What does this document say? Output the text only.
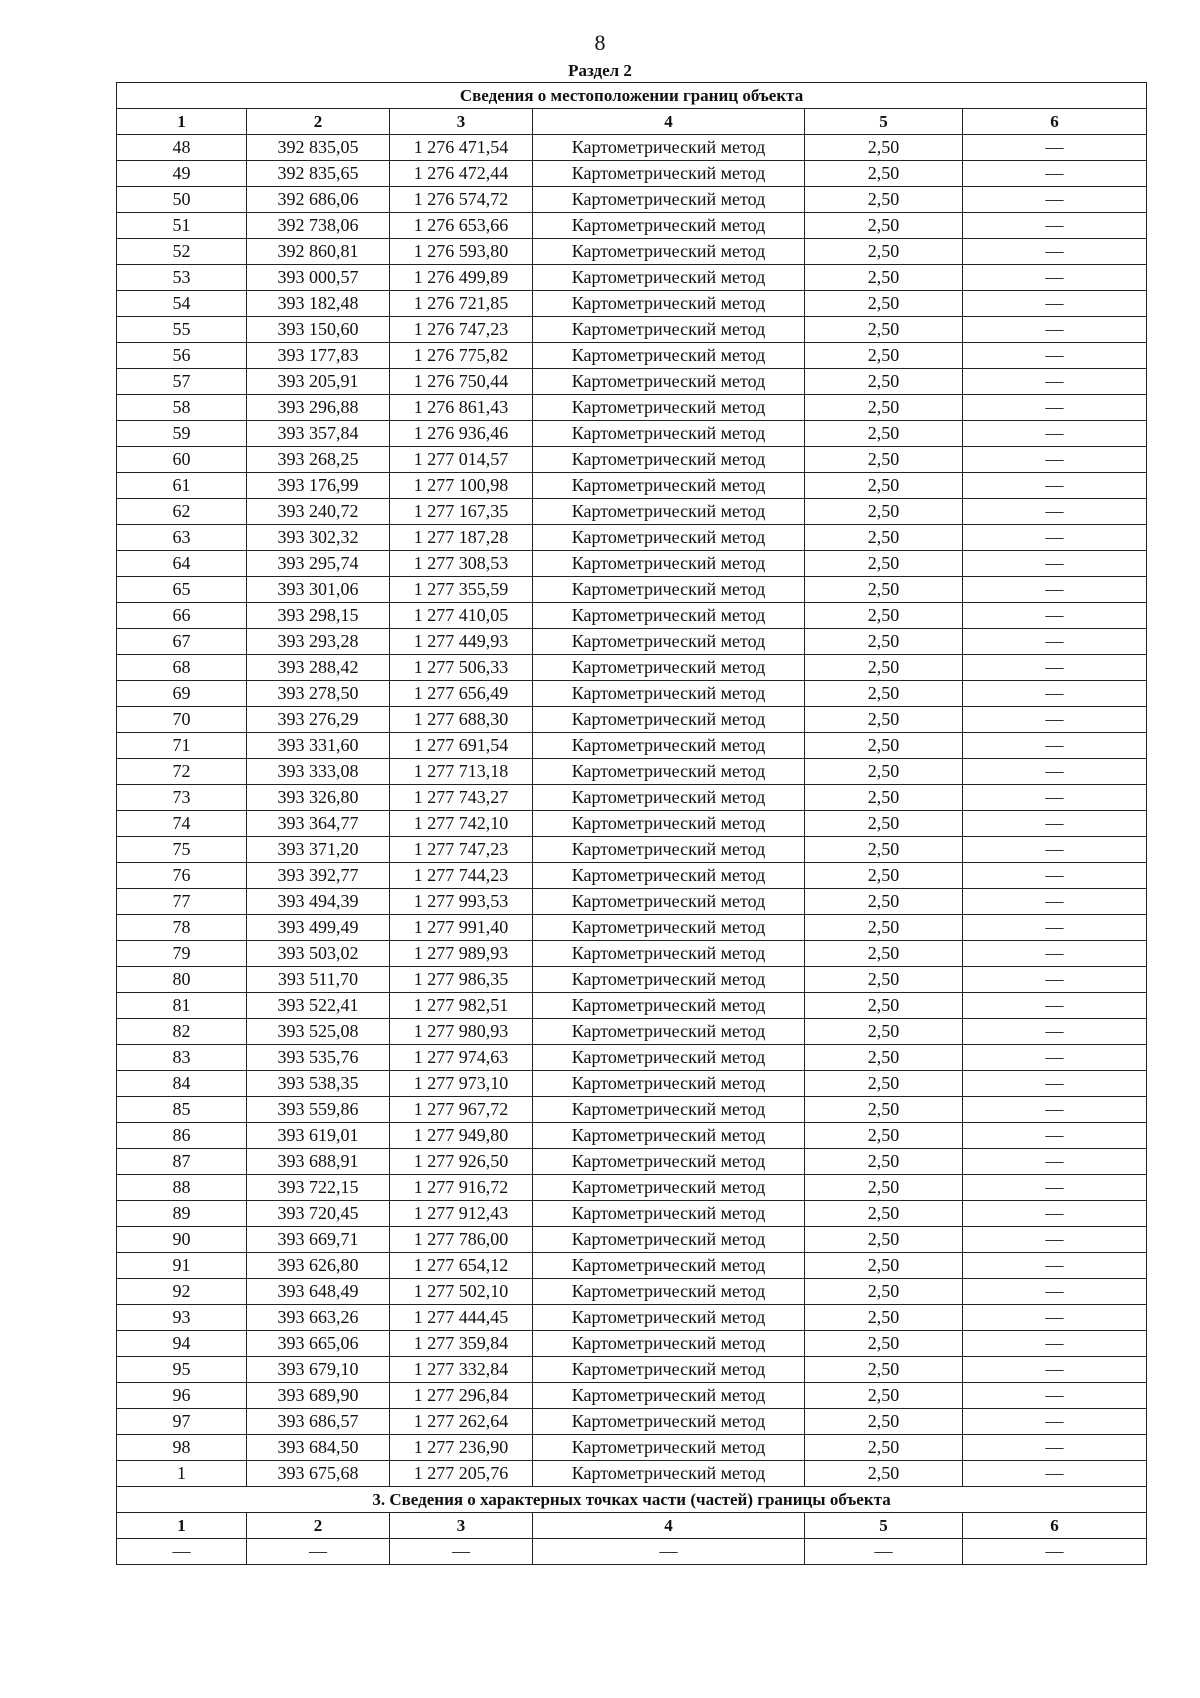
8
Раздел 2
Сведения о местоположении границ объекта					
1	2	3	4	5	6
48	392 835,05	1 276 471,54	Картометрический метод	2,50	—
49	392 835,65	1 276 472,44	Картометрический метод	2,50	—
50	392 686,06	1 276 574,72	Картометрический метод	2,50	—
51	392 738,06	1 276 653,66	Картометрический метод	2,50	—
52	392 860,81	1 276 593,80	Картометрический метод	2,50	—
53	393 000,57	1 276 499,89	Картометрический метод	2,50	—
54	393 182,48	1 276 721,85	Картометрический метод	2,50	—
55	393 150,60	1 276 747,23	Картометрический метод	2,50	—
56	393 177,83	1 276 775,82	Картометрический метод	2,50	—
57	393 205,91	1 276 750,44	Картометрический метод	2,50	—
58	393 296,88	1 276 861,43	Картометрический метод	2,50	—
59	393 357,84	1 276 936,46	Картометрический метод	2,50	—
60	393 268,25	1 277 014,57	Картометрический метод	2,50	—
61	393 176,99	1 277 100,98	Картометрический метод	2,50	—
62	393 240,72	1 277 167,35	Картометрический метод	2,50	—
63	393 302,32	1 277 187,28	Картометрический метод	2,50	—
64	393 295,74	1 277 308,53	Картометрический метод	2,50	—
65	393 301,06	1 277 355,59	Картометрический метод	2,50	—
66	393 298,15	1 277 410,05	Картометрический метод	2,50	—
67	393 293,28	1 277 449,93	Картометрический метод	2,50	—
68	393 288,42	1 277 506,33	Картометрический метод	2,50	—
69	393 278,50	1 277 656,49	Картометрический метод	2,50	—
70	393 276,29	1 277 688,30	Картометрический метод	2,50	—
71	393 331,60	1 277 691,54	Картометрический метод	2,50	—
72	393 333,08	1 277 713,18	Картометрический метод	2,50	—
73	393 326,80	1 277 743,27	Картометрический метод	2,50	—
74	393 364,77	1 277 742,10	Картометрический метод	2,50	—
75	393 371,20	1 277 747,23	Картометрический метод	2,50	—
76	393 392,77	1 277 744,23	Картометрический метод	2,50	—
77	393 494,39	1 277 993,53	Картометрический метод	2,50	—
78	393 499,49	1 277 991,40	Картометрический метод	2,50	—
79	393 503,02	1 277 989,93	Картометрический метод	2,50	—
80	393 511,70	1 277 986,35	Картометрический метод	2,50	—
81	393 522,41	1 277 982,51	Картометрический метод	2,50	—
82	393 525,08	1 277 980,93	Картометрический метод	2,50	—
83	393 535,76	1 277 974,63	Картометрический метод	2,50	—
84	393 538,35	1 277 973,10	Картометрический метод	2,50	—
85	393 559,86	1 277 967,72	Картометрический метод	2,50	—
86	393 619,01	1 277 949,80	Картометрический метод	2,50	—
87	393 688,91	1 277 926,50	Картометрический метод	2,50	—
88	393 722,15	1 277 916,72	Картометрический метод	2,50	—
89	393 720,45	1 277 912,43	Картометрический метод	2,50	—
90	393 669,71	1 277 786,00	Картометрический метод	2,50	—
91	393 626,80	1 277 654,12	Картометрический метод	2,50	—
92	393 648,49	1 277 502,10	Картометрический метод	2,50	—
93	393 663,26	1 277 444,45	Картометрический метод	2,50	—
94	393 665,06	1 277 359,84	Картометрический метод	2,50	—
95	393 679,10	1 277 332,84	Картометрический метод	2,50	—
96	393 689,90	1 277 296,84	Картометрический метод	2,50	—
97	393 686,57	1 277 262,64	Картометрический метод	2,50	—
98	393 684,50	1 277 236,90	Картометрический метод	2,50	—
1	393 675,68	1 277 205,76	Картометрический метод	2,50	—
3. Сведения о характерных точках части (частей) границы объекта					
1	2	3	4	5	6
—	—	—	—	—	—
